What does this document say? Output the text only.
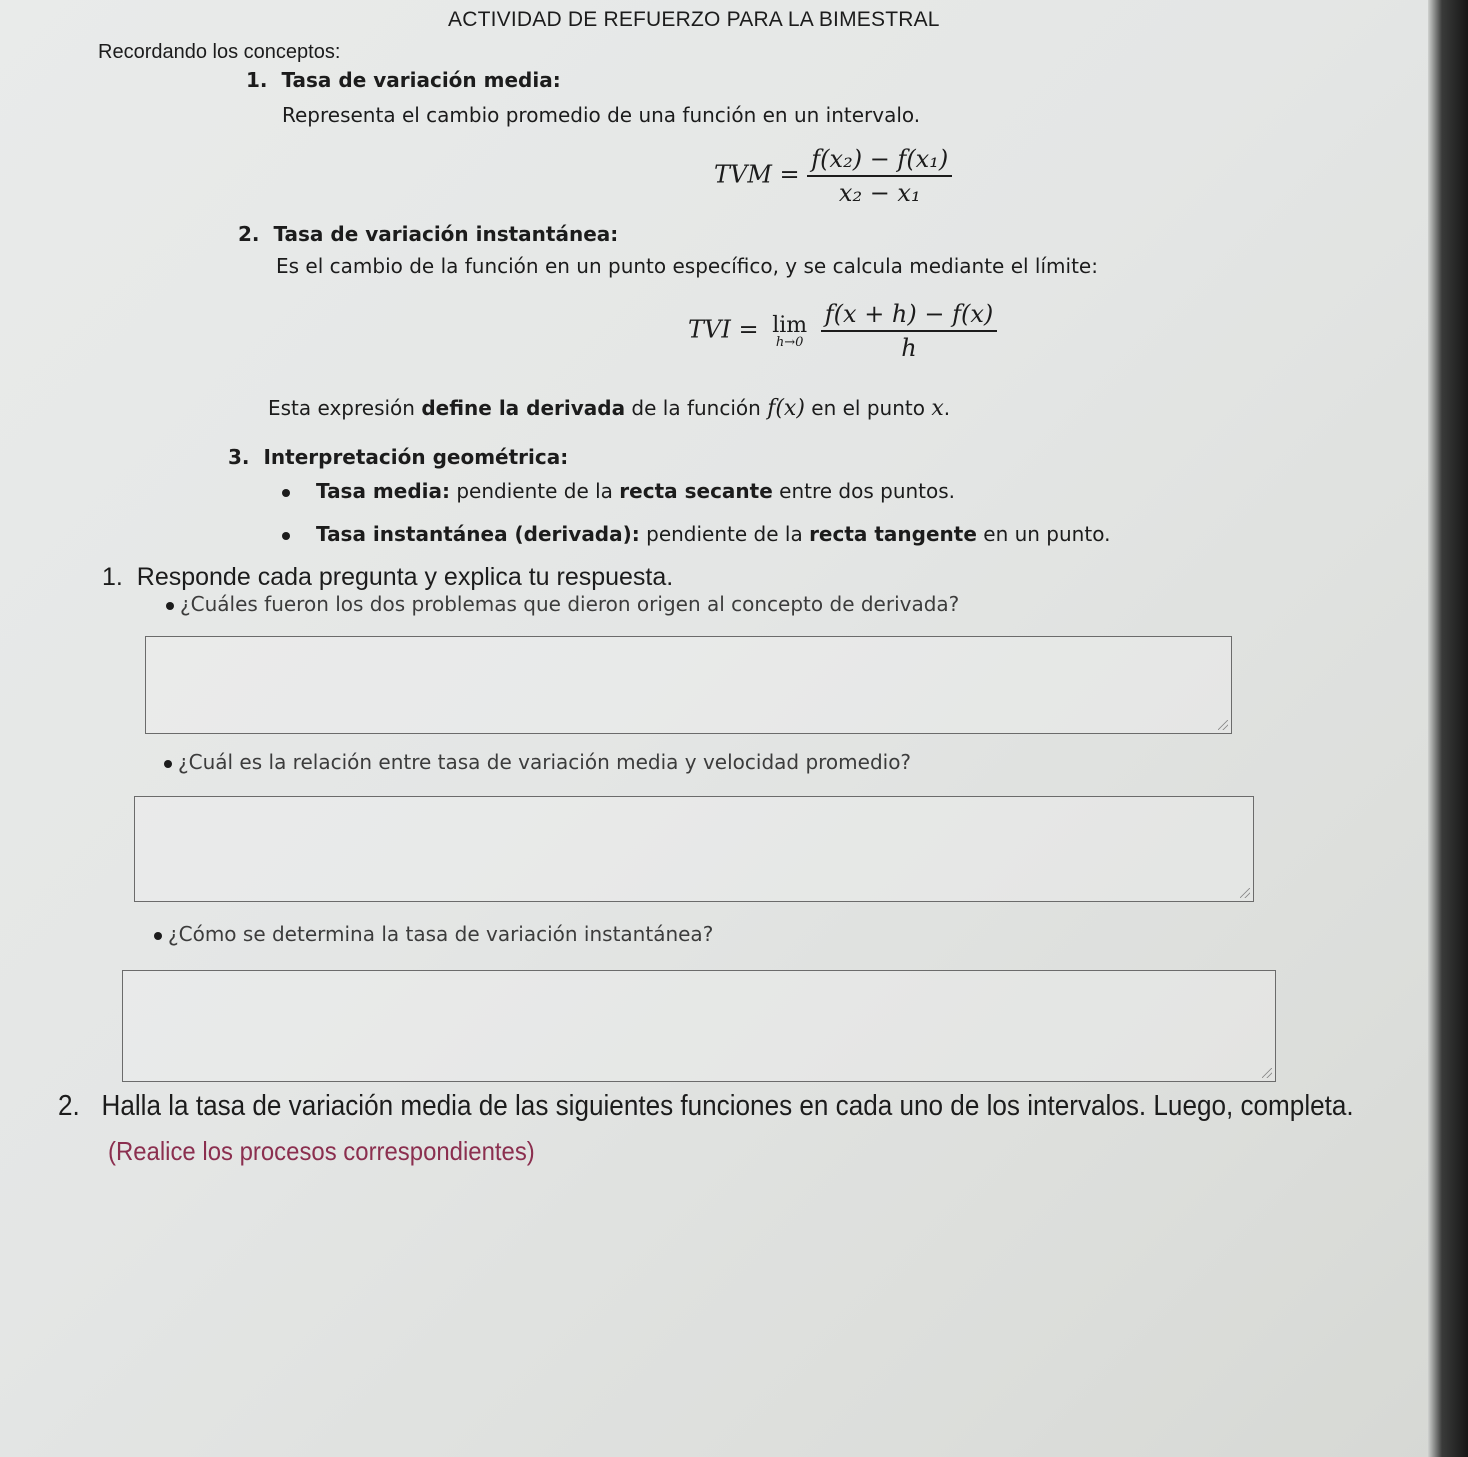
ACTIVIDAD DE REFUERZO PARA LA BIMESTRAL
Recordando los conceptos:
1. Tasa de variación media:
Representa el cambio promedio de una función en un intervalo.
TVM = $\frac{\text{f(x₂) − f(x₁)}}{\text{x₂ − x₁}}$
2. Tasa de variación instantánea:
Es el cambio de la función en un punto específico, y se calcula mediante el límite:
TVI = lim
h→0
$\frac{f(x + h) - f(x)}{h}$
Esta expresión define la derivada de la función f(x) en el punto x.
3. Interpretación geométrica:
Tasa media: pendiente de la recta secante entre dos puntos.
Tasa instantánea (derivada): pendiente de la recta tangente en un punto.
1. Responde cada pregunta y explica tu respuesta.
¿Cuáles fueron los dos problemas que dieron origen al concepto de derivada?
¿Cuál es la relación entre tasa de variación media y velocidad promedio?
¿Cómo se determina la tasa de variación instantánea?
2. Halla la tasa de variación media de las siguientes funciones en cada uno de los intervalos. Luego, completa.
(Realice los procesos correspondientes)
